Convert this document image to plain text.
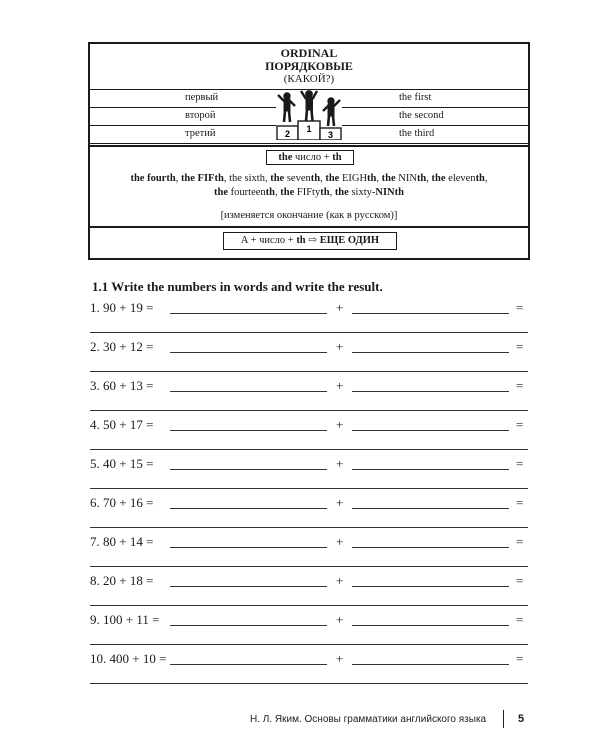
ORDINAL
ПОРЯДКОВЫЕ
(КАКОЙ?)
первый	the first
второй	the second
третий	the third
2 1
3
the число + th
the fourth, the FIFth, the sixth, the seventh, the EIGHth, the NINth, the eleventh,
the fourteenth, the FIFtyth, the sixty-NINth
[изменяется окончание (как в русском)]
A + число + th ⇨ ЕЩЕ ОДИН
1.1 Write the numbers in words and write the result.
1. 90 + 19 =	+	=
2. 30 + 12 =	+	=
3. 60 + 13 =	+	=
4. 50 + 17 =	+	=
5. 40 + 15 =	+	=
6. 70 + 16 =	+	=
7. 80 + 14 =	+	=
8. 20 + 18 =	+	=
9. 100 + 11 =	+	=
10. 400 + 10 =	+	=
Н. Л. Яким. Основы грамматики английского языка	5
